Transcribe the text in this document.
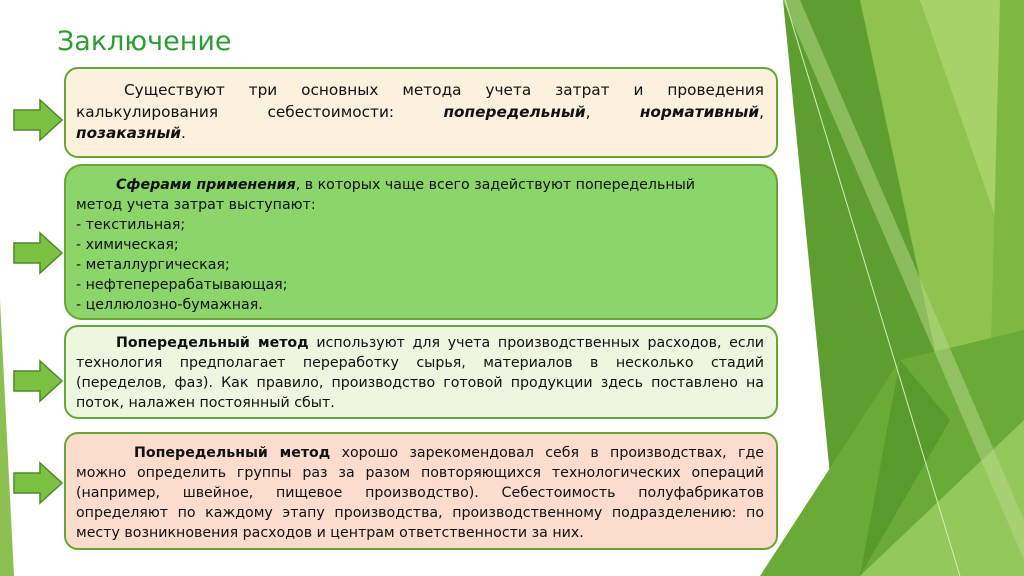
Заключение

Существуют три основных метода учета затрат и проведения

калькулирования себестоимости: попередельный, нормативный,

позаказный.

Сферами применения, в которых чаще всего задействуют попередельный

метод учета затрат выступают:

- текстильная;

- химическая;

- металлургическая;

- нефтеперерабатывающая;

- целлюлозно-бумажная.

Попередельный метод используют для учета производственных расходов, если

технология предполагает переработку сырья, материалов в несколько стадий

(переделов, фаз). Как правило, производство готовой продукции здесь поставлено на

поток, налажен постоянный сбыт.

Попередельный метод хорошо зарекомендовал себя в производствах, где

можно определить группы раз за разом повторяющихся технологических операций

(например, швейное, пищевое производство). Себестоимость полуфабрикатов

определяют по каждому этапу производства, производственному подразделению: по

месту возникновения расходов и центрам ответственности за них.
